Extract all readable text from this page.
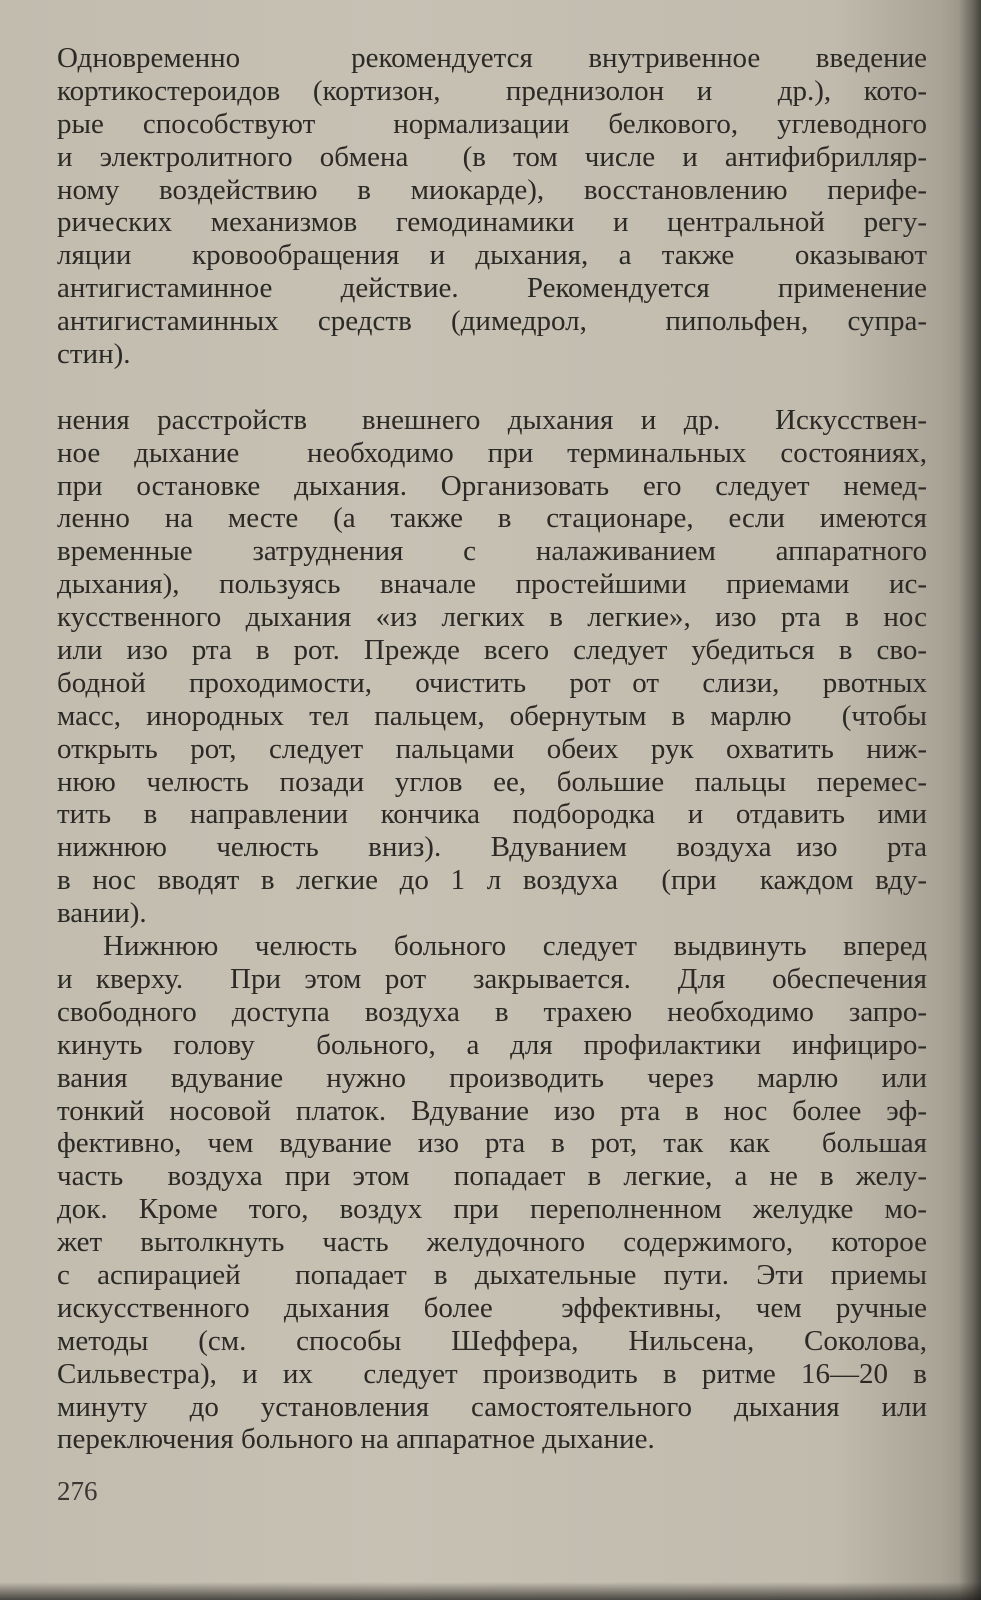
Одновременно  рекомендуется внутривенное введение
кортикостероидов (кортизон,  преднизолон и  др.), кото-
рые способствуют  нормализации белкового, углеводного
и электролитного обмена  (в том числе и антифибрилляр-
ному воздействию в миокарде), восстановлению перифе-
рических механизмов гемодинамики и центральной регу-
ляции  кровообращения и дыхания, а также  оказывают
антигистаминное  действие.  Рекомендуется  применение
антигистаминных средств (димедрол,  пипольфен, супра-
стин).

нения расстройств  внешнего дыхания и др.  Искусствен-
ное дыхание  необходимо при терминальных состояниях,
при остановке дыхания. Организовать его следует немед-
ленно  на  месте  (а  также  в  стационаре,  если  имеются
временные  затруднения  с  налаживанием  аппаратного
дыхания), пользуясь вначале простейшими приемами ис-
кусственного дыхания «из легких в легкие», изо рта в нос
или изо рта в рот. Прежде всего следует убедиться в сво-
бодной  проходимости,  очистить  рот от  слизи,  рвотных
масс, инородных тел пальцем, обернутым в марлю  (чтобы
открыть рот, следует пальцами обеих рук охватить ниж-
нюю челюсть позади углов ее, большие пальцы перемес-
тить в направлении кончика подбородка и отдавить ими
нижнюю  челюсть  вниз).  Вдуванием  воздуха изо  рта
в нос вводят в легкие до 1 л воздуха  (при  каждом вду-
вании).
Нижнюю челюсть больного следует выдвинуть вперед
и кверху.  При этом рот  закрывается.  Для  обеспечения
свободного доступа воздуха в трахею необходимо запро-
кинуть голову  больного, а для профилактики инфициро-
вания вдувание нужно производить через марлю или
тонкий носовой платок. Вдувание изо рта в нос более эф-
фективно, чем вдувание изо рта в рот, так как  большая
часть  воздуха при этом  попадает в легкие, а не в желу-
док. Кроме того, воздух при переполненном желудке мо-
жет вытолкнуть часть желудочного содержимого, которое
с аспирацией  попадает в дыхательные пути. Эти приемы
искусственного дыхания более  эффективны, чем ручные
методы  (см.  способы  Шеффера,  Нильсена,  Соколова,
Сильвестра), и их  следует производить в ритме 16—20 в
минуту до установления самостоятельного дыхания или
переключения больного на аппаратное дыхание.
276
